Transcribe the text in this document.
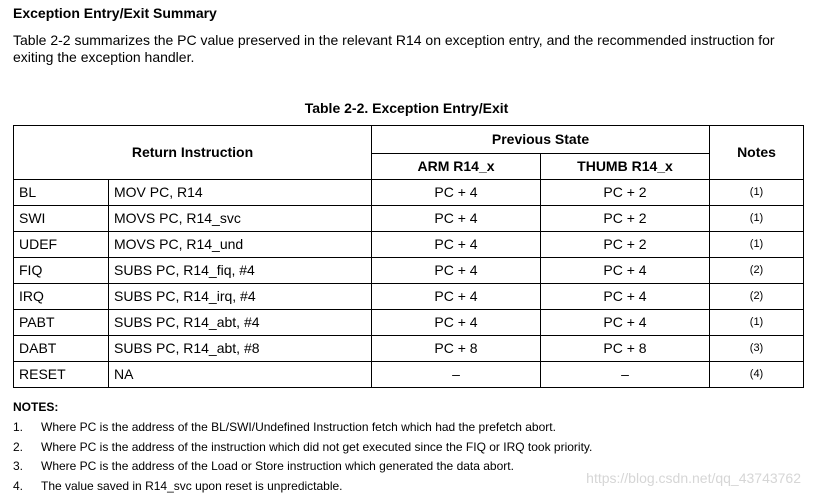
Exception Entry/Exit Summary
Table 2-2 summarizes the PC value preserved in the relevant R14 on exception entry, and the recommended instruction for exiting the exception handler.
Table 2-2. Exception Entry/Exit
Return Instruction		Previous State		Notes
		ARM R14_x	THUMB R14_x	
BL	MOV PC, R14	PC + 4	PC + 2	(1)
SWI	MOVS PC, R14_svc	PC + 4	PC + 2	(1)
UDEF	MOVS PC, R14_und	PC + 4	PC + 2	(1)
FIQ	SUBS PC, R14_fiq, #4	PC + 4	PC + 4	(2)
IRQ	SUBS PC, R14_irq, #4	PC + 4	PC + 4	(2)
PABT	SUBS PC, R14_abt, #4	PC + 4	PC + 4	(1)
DABT	SUBS PC, R14_abt, #8	PC + 8	PC + 8	(3)
RESET	NA	–	–	(4)
NOTES:
1. Where PC is the address of the BL/SWI/Undefined Instruction fetch which had the prefetch abort.
2. Where PC is the address of the instruction which did not get executed since the FIQ or IRQ took priority.
3. Where PC is the address of the Load or Store instruction which generated the data abort.
4. The value saved in R14_svc upon reset is unpredictable.	https://blog.csdn.net/qq_43743762
